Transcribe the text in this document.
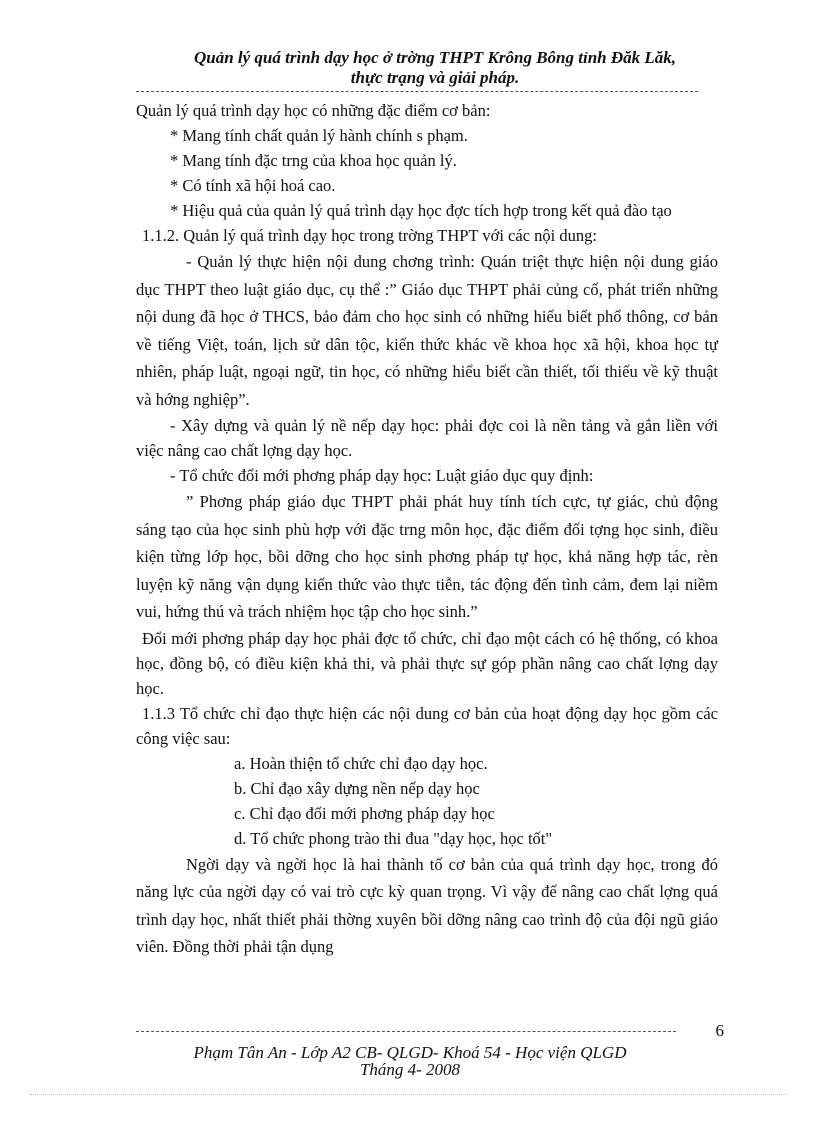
Quản lý quá trình dạy học ở trờng THPT Krông Bông tỉnh Đăk Lăk,
thực trạng và giải pháp.

Quản lý quá trình dạy học có những đặc điểm cơ bản:

* Mang tính chất quản lý hành chính s phạm.

* Mang tính đặc trng của khoa học quản lý.

* Có tính xã hội hoá cao.

* Hiệu quả của quản lý quá trình dạy học đợc tích hợp trong kết quả đào tạo

1.1.2. Quản lý quá trình dạy học trong trờng THPT với các nội dung:

- Quản lý thực hiện nội dung chơng trình: Quán triệt thực hiện nội dung giáo dục THPT theo luật giáo dục, cụ thể :” Giáo dục THPT phải củng cố, phát triển những nội dung đã học ở THCS, bảo đảm cho học sinh có những hiểu biết phổ thông, cơ bản về tiếng Việt, toán, lịch sử dân tộc, kiến thức khác về khoa học xã hội, khoa học tự nhiên, pháp luật, ngoại ngữ, tin học, có những hiểu biết cần thiết, tối thiểu về kỹ thuật và hớng nghiệp”.

- Xây dựng và quản lý nề nếp dạy học: phải đợc coi là nền tảng và gắn liền với việc nâng cao chất lợng dạy học.

- Tổ chức đổi mới phơng pháp dạy học: Luật giáo dục quy định:

” Phơng pháp giáo dục THPT phải phát huy tính tích cực, tự giác, chủ động sáng tạo của học sinh phù hợp với đặc trng môn học, đặc điểm đối tợng học sinh, điều kiện từng lớp học, bồi dỡng cho học sinh phơng pháp tự học, khả năng hợp tác, rèn luyện kỹ năng vận dụng kiến thức vào thực tiễn, tác động đến tình cảm, đem lại niềm vui, hứng thú và trách nhiệm học tập cho học sinh.”

Đổi mới phơng pháp dạy học phải đợc tổ chức, chỉ đạo một cách có hệ thống, có khoa học, đồng bộ, có điều kiện khả thi, và phải thực sự góp phần nâng cao chất lợng dạy học.

1.1.3 Tổ chức chỉ đạo thực hiện các nội dung cơ bản của hoạt động dạy học gồm các công việc sau:

a. Hoàn thiện tổ chức chỉ đạo dạy học.

b. Chỉ đạo xây dựng nền nếp dạy học

c. Chỉ đạo đổi mới phơng pháp dạy học

d. Tổ chức phong trào thi đua "dạy học, học tốt"

Ngời dạy và ngời học là hai thành tố cơ bản của quá trình dạy học, trong đó năng lực của ngời dạy có vai trò cực kỳ quan trọng. Vì vậy để nâng cao chất lợng quá trình dạy học, nhất thiết phải thờng xuyên bồi dỡng nâng cao trình độ của đội ngũ giáo viên. Đồng thời phải tận dụng

6
Phạm Tân An - Lớp A2 CB- QLGD- Khoá 54 - Học viện QLGD
Tháng 4- 2008
